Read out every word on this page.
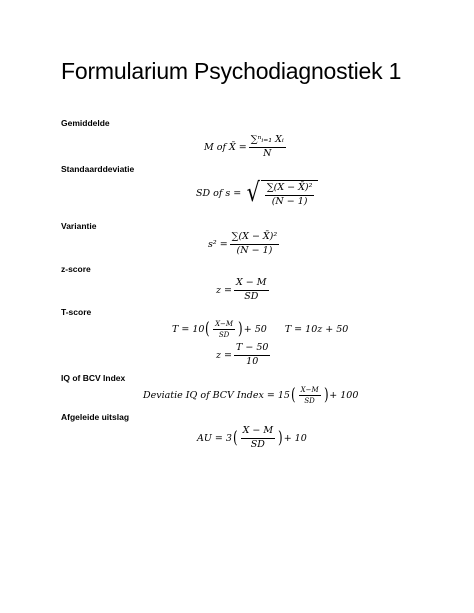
Formularium Psychodiagnostiek 1
Gemiddelde
M of X̄ = $\frac{\text{∑ⁿᵢ₌₁ Xᵢ}}{N}$
Standaarddeviatie
SD of s = √ $\frac{\text{∑(X − X̄)²}}{(N - 1)}$
Variantie
$s^2 = \frac{\text{∑(X − X̄)²}}{(N - 1)}$
z-score
$z = \frac{X - M}{SD}$
T-score
T = 10 ( $\frac{X-M}{SD}$ ) + 50 T = 10z + 50
$z = \frac{T - 50}{10}$
IQ of BCV Index
Deviatie IQ of BCV Index = 15 ( $\frac{X-M}{SD}$ ) + 100
Afgeleide uitslag
AU = 3 ( $\frac{X - M}{SD}$ ) + 10
